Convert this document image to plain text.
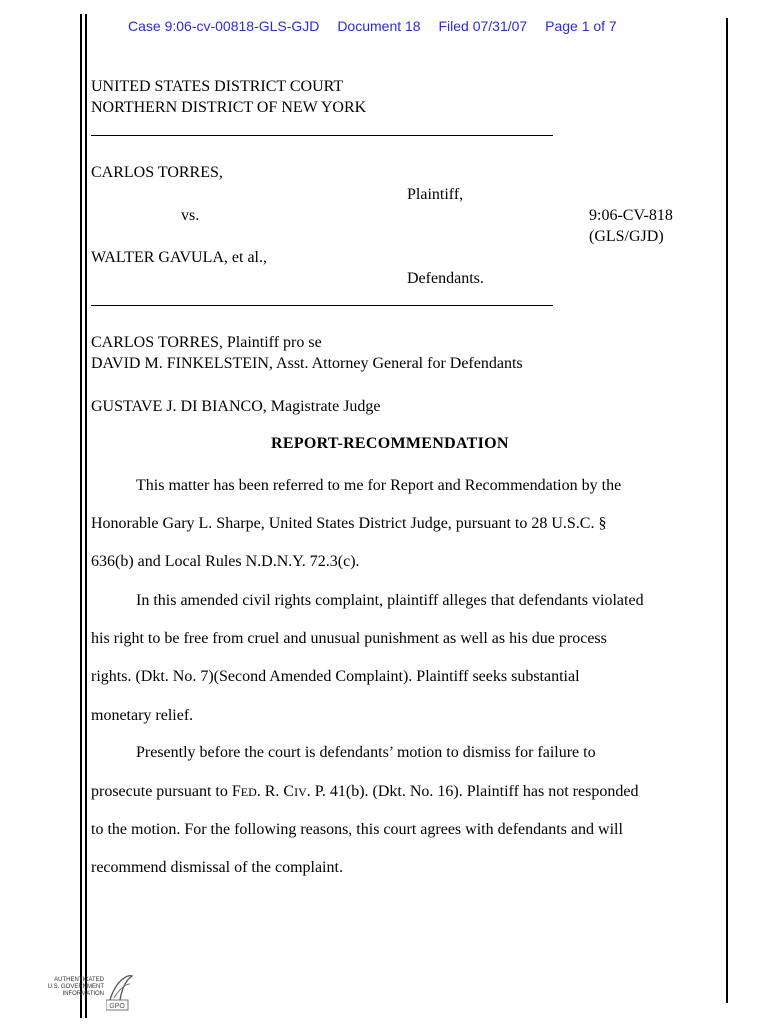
Case 9:06-cv-00818-GLS-GJD Document 18 Filed 07/31/07 Page 1 of 7
UNITED STATES DISTRICT COURT
NORTHERN DISTRICT OF NEW YORK
CARLOS TORRES,
Plaintiff,
vs.	9:06-CV-818
(GLS/GJD)
WALTER GAVULA, et al.,
Defendants.
CARLOS TORRES, Plaintiff pro se
DAVID M. FINKELSTEIN, Asst. Attorney General for Defendants
GUSTAVE J. DI BIANCO, Magistrate Judge
REPORT-RECOMMENDATION
This matter has been referred to me for Report and Recommendation by the
Honorable Gary L. Sharpe, United States District Judge, pursuant to 28 U.S.C. §
636(b) and Local Rules N.D.N.Y. 72.3(c).
In this amended civil rights complaint, plaintiff alleges that defendants violated
his right to be free from cruel and unusual punishment as well as his due process
rights. (Dkt. No. 7)(Second Amended Complaint). Plaintiff seeks substantial
monetary relief.
Presently before the court is defendants’ motion to dismiss for failure to
prosecute pursuant to FED. R. CIV. P. 41(b). (Dkt. No. 16). Plaintiff has not responded
to the motion. For the following reasons, this court agrees with defendants and will
recommend dismissal of the complaint.
AUTHENTICATED
U.S. GOVERNMENT
INFORMATION
GPO
